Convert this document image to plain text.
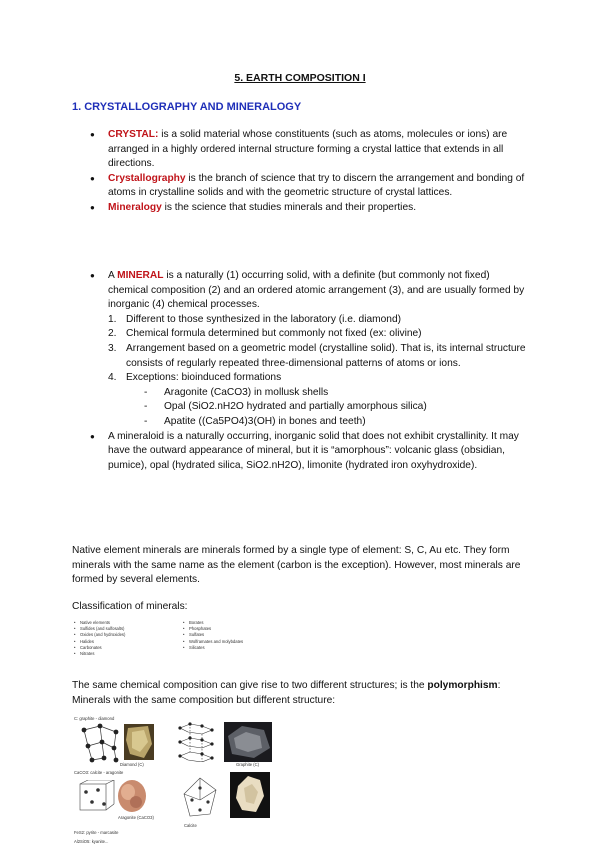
5. EARTH COMPOSITION I
1. CRYSTALLOGRAPHY AND MINERALOGY
● CRYSTAL: is a solid material whose constituents (such as atoms, molecules or ions) are arranged in a highly ordered internal structure forming a crystal lattice that extends in all directions.
● Crystallography is the branch of science that try to discern the arrangement and bonding of atoms in crystalline solids and with the geometric structure of crystal lattices.
● Mineralogy is the science that studies minerals and their properties.
● A MINERAL is a naturally (1) occurring solid, with a definite (but commonly not fixed) chemical composition (2) and an ordered atomic arrangement (3), and are usually formed by inorganic (4) chemical processes.
1. Different to those synthesized in the laboratory (i.e. diamond)
2. Chemical formula determined but commonly not fixed (ex: olivine)
3. Arrangement based on a geometric model (crystalline solid). That is, its internal structure consists of regularly repeated three-dimensional patterns of atoms or ions.
4. Exceptions: bioinduced formations
- Aragonite (CaCO3) in mollusk shells
- Opal (SiO2.nH2O hydrated and partially amorphous silica)
- Apatite ((Ca5PO4)3(OH) in bones and teeth)
● A mineraloid is a naturally occurring, inorganic solid that does not exhibit crystallinity. It may have the outward appearance of mineral, but it is “amorphous”: volcanic glass (obsidian, pumice), opal (hydrated silica, SiO2.nH2O), limonite (hydrated iron oxyhydroxide).
Native element minerals are minerals formed by a single type of element: S, C, Au etc. They form minerals with the same name as the element (carbon is the exception). However, most minerals are formed by several elements.
Classification of minerals:
• Native elements
• Sulfides (and sulfosalts)
• Oxides (and hydroxides)
• Halides
• Carbonates
• Nitrates
• Borates
• Phosphates
• Sulfates
• Wolframates and molybdates
• Silicates
The same chemical composition can give rise to two different structures; is the polymorphism: Minerals with the same composition but different structure:
C: graphite - diamond
Diamond (C)	Graphite (C)
CaCO3: calcite - aragonite
Aragonite (CaCO3)
Calcite
FeS2: pyrite - marcasite
Al2SiO5: kyanite...
